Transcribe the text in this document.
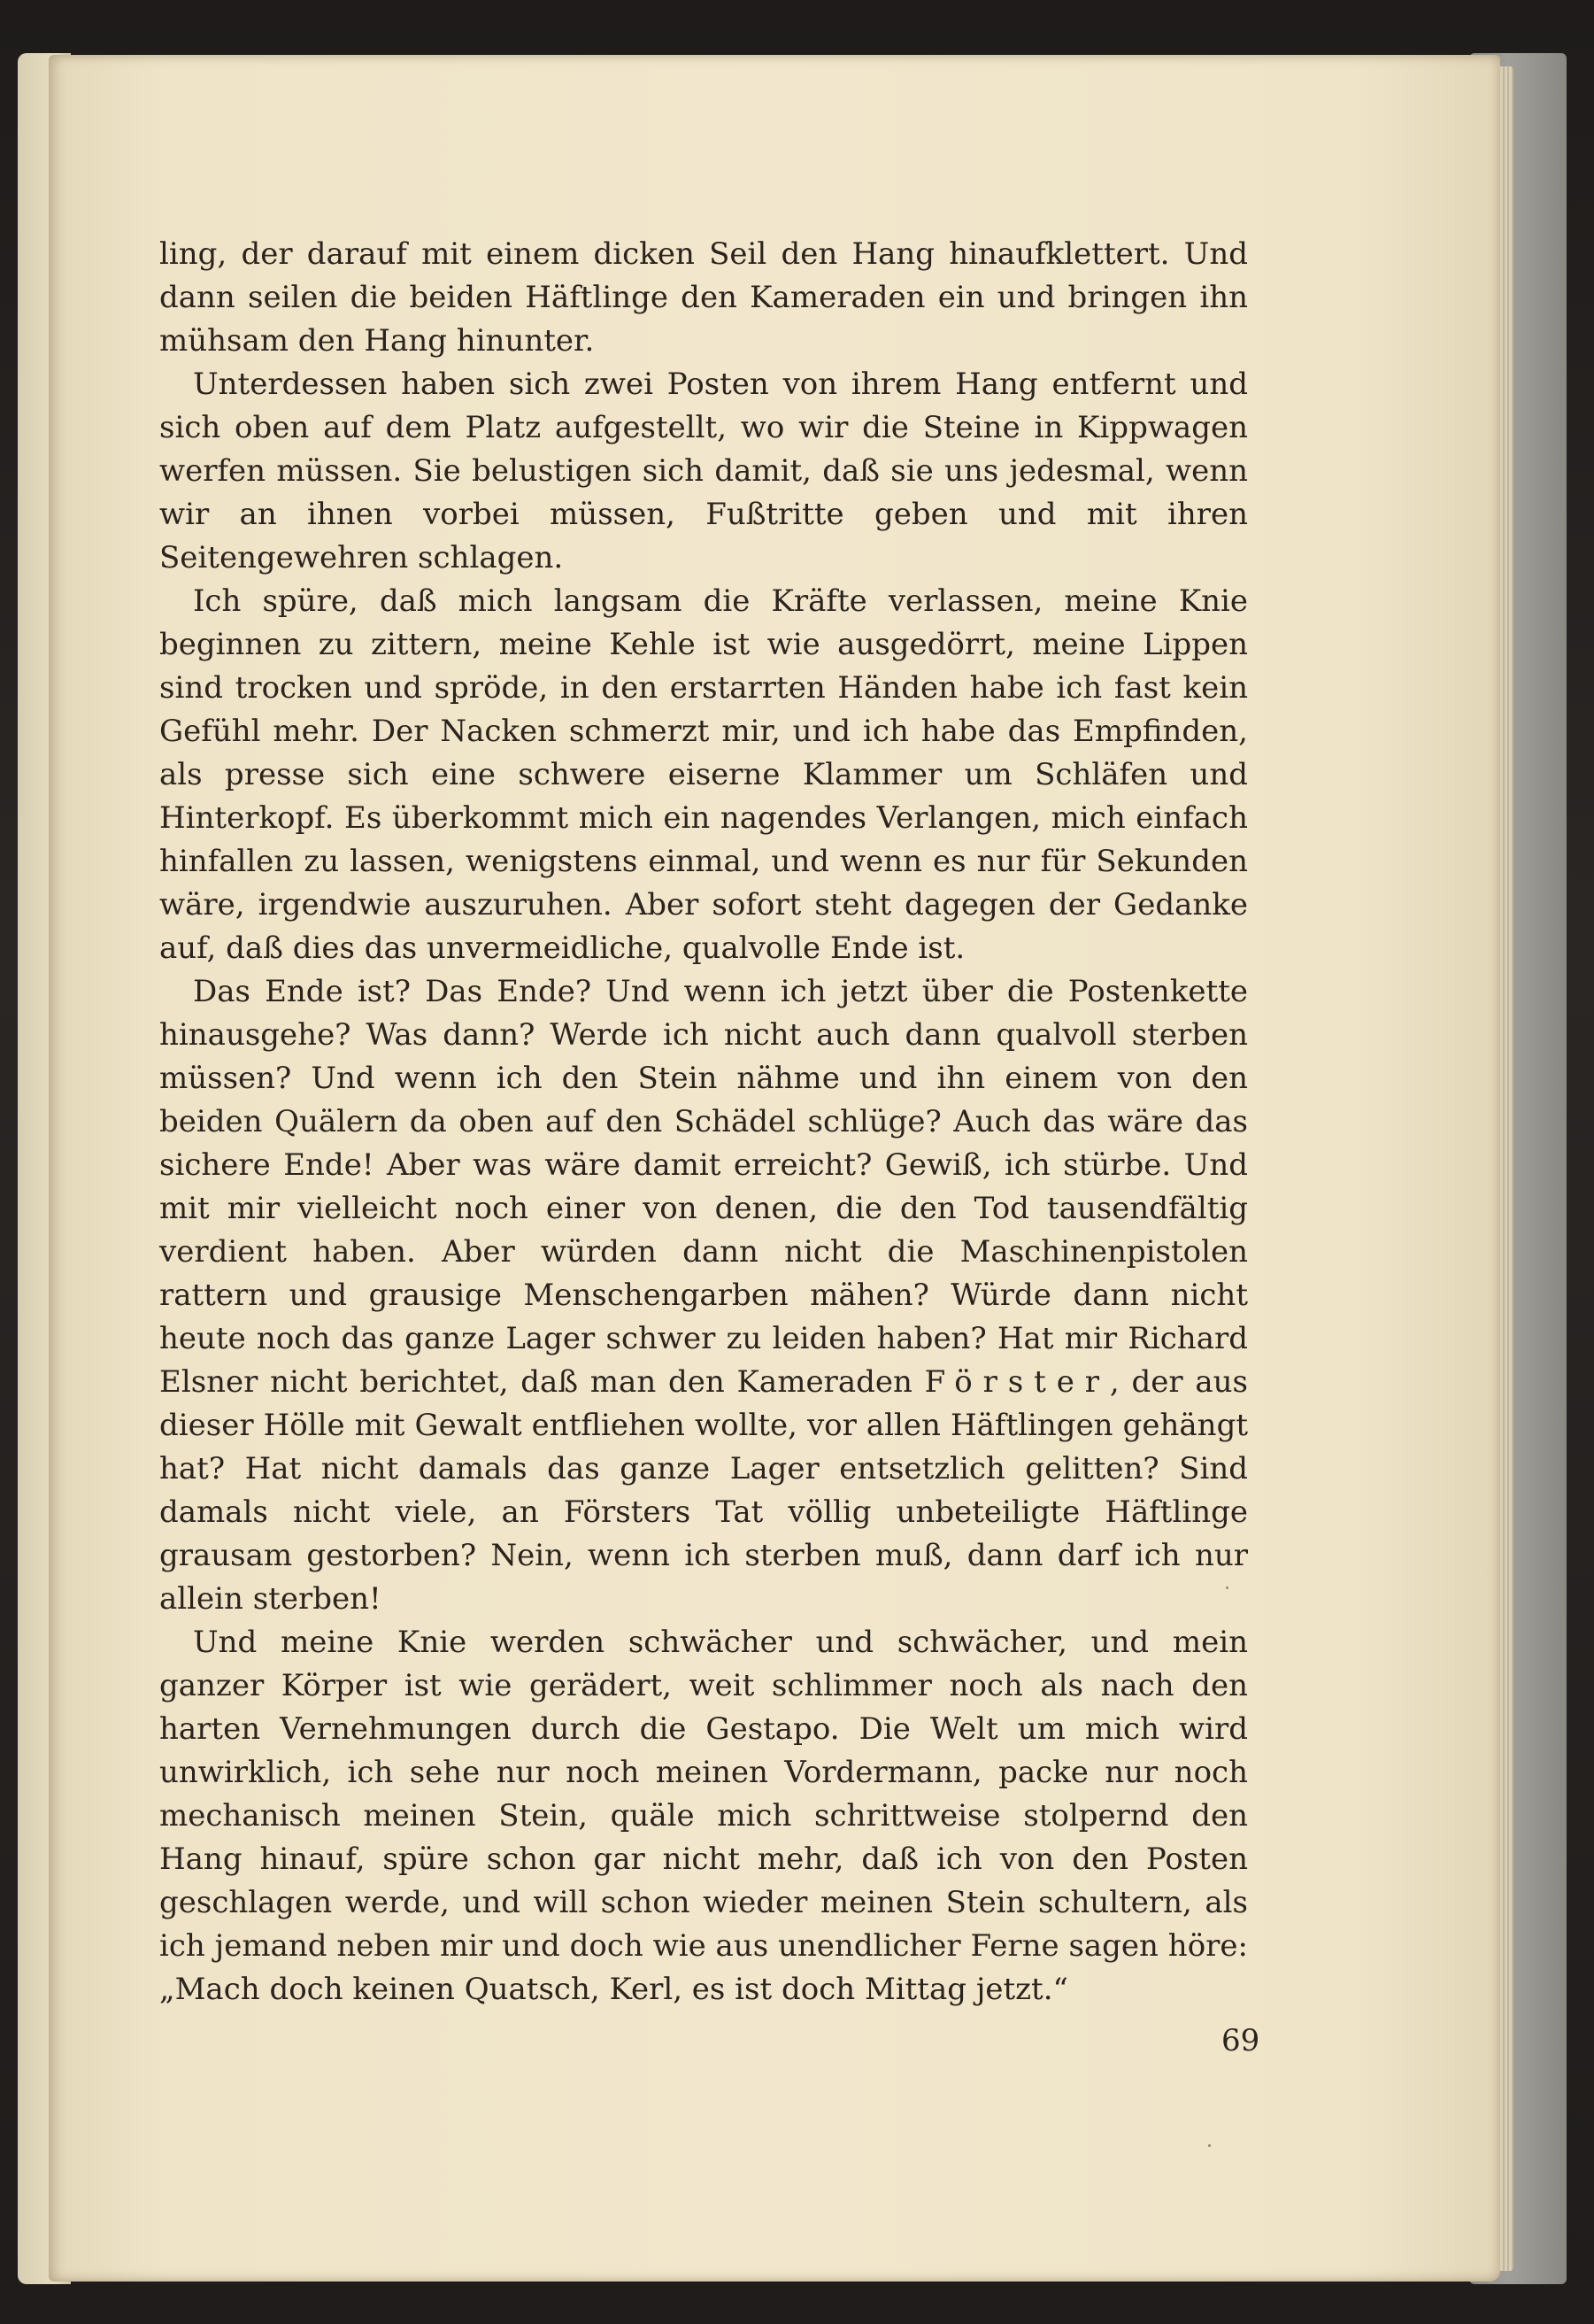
ling, der darauf mit einem dicken Seil den Hang hinaufklettert. Und dann seilen die beiden Häftlinge den Kameraden ein und bringen ihn mühsam den Hang hinunter.

Unterdessen haben sich zwei Posten von ihrem Hang entfernt und sich oben auf dem Platz aufgestellt, wo wir die Steine in Kippwagen werfen müssen. Sie belustigen sich damit, daß sie uns jedesmal, wenn wir an ihnen vorbei müssen, Fußtritte geben und mit ihren Seitengewehren schlagen.

Ich spüre, daß mich langsam die Kräfte verlassen, meine Knie beginnen zu zittern, meine Kehle ist wie ausgedörrt, meine Lippen sind trocken und spröde, in den erstarrten Händen habe ich fast kein Gefühl mehr. Der Nacken schmerzt mir, und ich habe das Empfinden, als presse sich eine schwere eiserne Klammer um Schläfen und Hinterkopf. Es überkommt mich ein nagendes Verlangen, mich einfach hinfallen zu lassen, wenigstens einmal, und wenn es nur für Sekunden wäre, irgendwie auszuruhen. Aber sofort steht dagegen der Gedanke auf, daß dies das unvermeidliche, qualvolle Ende ist.

Das Ende ist? Das Ende? Und wenn ich jetzt über die Postenkette hinausgehe? Was dann? Werde ich nicht auch dann qualvoll sterben müssen? Und wenn ich den Stein nähme und ihn einem von den beiden Quälern da oben auf den Schädel schlüge? Auch das wäre das sichere Ende! Aber was wäre damit erreicht? Gewiß, ich stürbe. Und mit mir vielleicht noch einer von denen, die den Tod tausendfältig verdient haben. Aber würden dann nicht die Maschinenpistolen rattern und grausige Menschengarben mähen? Würde dann nicht heute noch das ganze Lager schwer zu leiden haben? Hat mir Richard Elsner nicht berichtet, daß man den Kameraden Förster, der aus dieser Hölle mit Gewalt entfliehen wollte, vor allen Häftlingen gehängt hat? Hat nicht damals das ganze Lager entsetzlich gelitten? Sind damals nicht viele, an Försters Tat völlig unbeteiligte Häftlinge grausam gestorben? Nein, wenn ich sterben muß, dann darf ich nur allein sterben!

Und meine Knie werden schwächer und schwächer, und mein ganzer Körper ist wie gerädert, weit schlimmer noch als nach den harten Vernehmungen durch die Gestapo. Die Welt um mich wird unwirklich, ich sehe nur noch meinen Vordermann, packe nur noch mechanisch meinen Stein, quäle mich schrittweise stolpernd den Hang hinauf, spüre schon gar nicht mehr, daß ich von den Posten geschlagen werde, und will schon wieder meinen Stein schultern, als ich jemand neben mir und doch wie aus unendlicher Ferne sagen höre: „Mach doch keinen Quatsch, Kerl, es ist doch Mittag jetzt.“

69
